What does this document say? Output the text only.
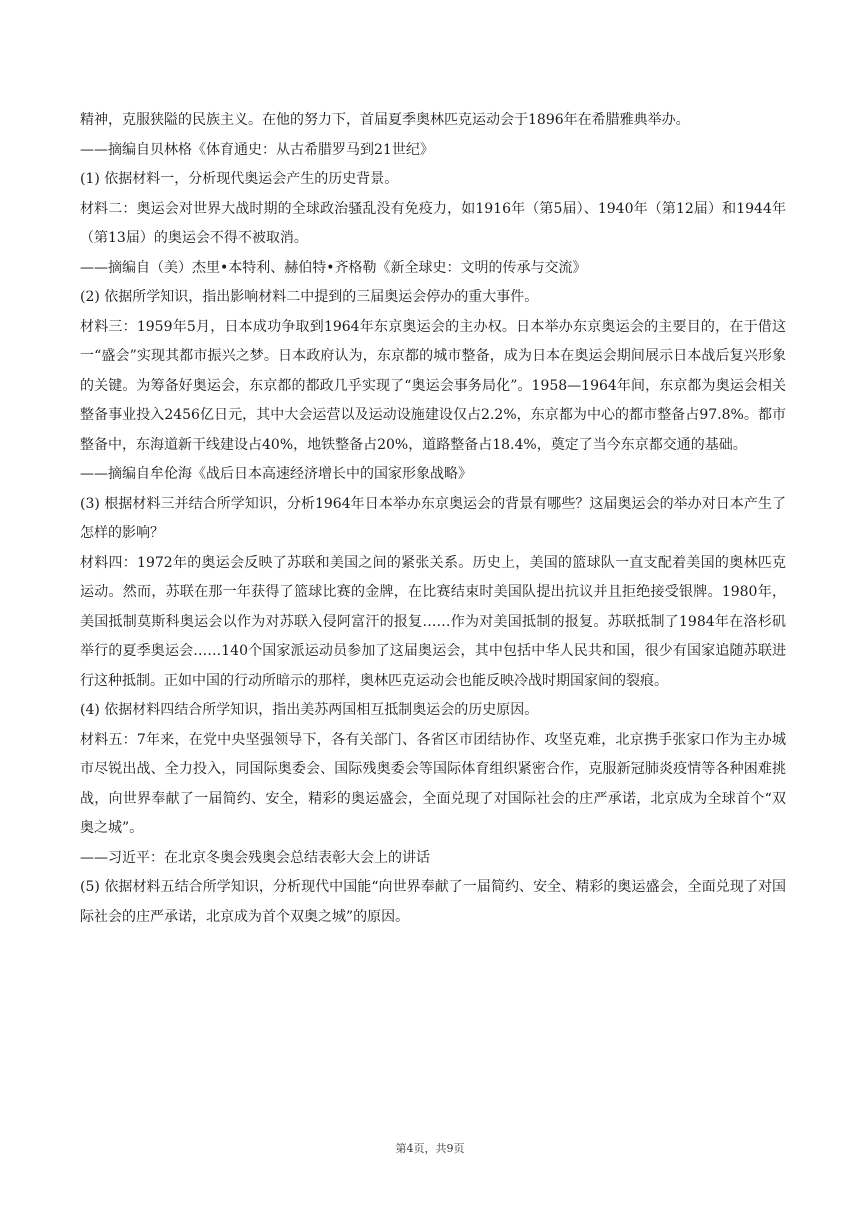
精神，克服狭隘的民族主义。在他的努力下，首届夏季奥林匹克运动会于1896年在希腊雅典举办。

——摘编自贝林格《体育通史：从古希腊罗马到21世纪》

(1) 依据材料一，分析现代奥运会产生的历史背景。

材料二：奥运会对世界大战时期的全球政治骚乱没有免疫力，如1916年（第5届）、1940年（第12届）和1944年（第13届）的奥运会不得不被取消。

——摘编自（美）杰里•本特利、赫伯特•齐格勒《新全球史：文明的传承与交流》

(2) 依据所学知识，指出影响材料二中提到的三届奥运会停办的重大事件。

材料三：1959年5月，日本成功争取到1964年东京奥运会的主办权。日本举办东京奥运会的主要目的，在于借这一“盛会”实现其都市振兴之梦。日本政府认为，东京都的城市整备，成为日本在奥运会期间展示日本战后复兴形象的关键。为筹备好奥运会，东京都的都政几乎实现了“奥运会事务局化”。1958—1964年间，东京都为奥运会相关整备事业投入2456亿日元，其中大会运营以及运动设施建设仅占2.2%，东京都为中心的都市整备占97.8%。都市整备中，东海道新干线建设占40%，地铁整备占20%，道路整备占18.4%，奠定了当今东京都交通的基础。

——摘编自牟伦海《战后日本高速经济增长中的国家形象战略》

(3) 根据材料三并结合所学知识，分析1964年日本举办东京奥运会的背景有哪些？这届奥运会的举办对日本产生了怎样的影响？

材料四：1972年的奥运会反映了苏联和美国之间的紧张关系。历史上，美国的篮球队一直支配着美国的奥林匹克运动。然而，苏联在那一年获得了篮球比赛的金牌，在比赛结束时美国队提出抗议并且拒绝接受银牌。1980年，美国抵制莫斯科奥运会以作为对苏联入侵阿富汗的报复……作为对美国抵制的报复。苏联抵制了1984年在洛杉矶举行的夏季奥运会……140个国家派运动员参加了这届奥运会，其中包括中华人民共和国，很少有国家追随苏联进行这种抵制。正如中国的行动所暗示的那样，奥林匹克运动会也能反映冷战时期国家间的裂痕。

(4) 依据材料四结合所学知识，指出美苏两国相互抵制奥运会的历史原因。

材料五：7年来，在党中央坚强领导下，各有关部门、各省区市团结协作、攻坚克难，北京携手张家口作为主办城市尽锐出战、全力投入，同国际奥委会、国际残奥委会等国际体育组织紧密合作，克服新冠肺炎疫情等各种困难挑战，向世界奉献了一届简约、安全，精彩的奥运盛会，全面兑现了对国际社会的庄严承诺，北京成为全球首个“双奥之城”。

——习近平：在北京冬奥会残奥会总结表彰大会上的讲话

(5) 依据材料五结合所学知识，分析现代中国能“向世界奉献了一届简约、安全、精彩的奥运盛会，全面兑现了对国际社会的庄严承诺，北京成为首个双奥之城”的原因。

第4页，共9页
